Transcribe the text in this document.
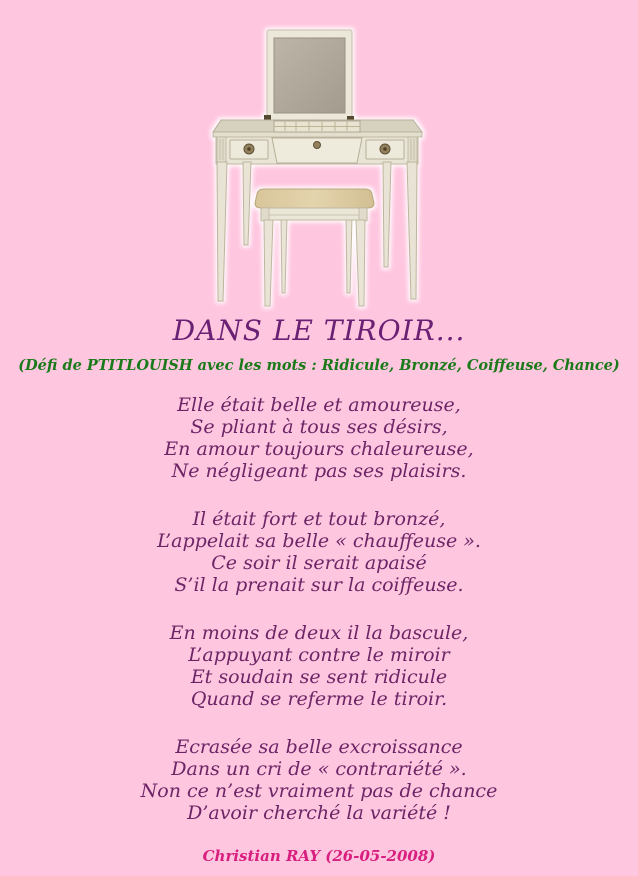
DANS LE TIROIR...

(Défi de PTITLOUISH avec les mots : Ridicule, Bronzé, Coiffeuse, Chance)

Elle était belle et amoureuse,
Se pliant à tous ses désirs,
En amour toujours chaleureuse,
Ne négligeant pas ses plaisirs.
Il était fort et tout bronzé,
L’appelait sa belle « chauffeuse ».
Ce soir il serait apaisé
S’il la prenait sur la coiffeuse.
En moins de deux il la bascule,
L’appuyant contre le miroir
Et soudain se sent ridicule
Quand se referme le tiroir.
Ecrasée sa belle excroissance
Dans un cri de « contrariété ».
Non ce n’est vraiment pas de chance
D’avoir cherché la variété !

Christian RAY (26-05-2008)
